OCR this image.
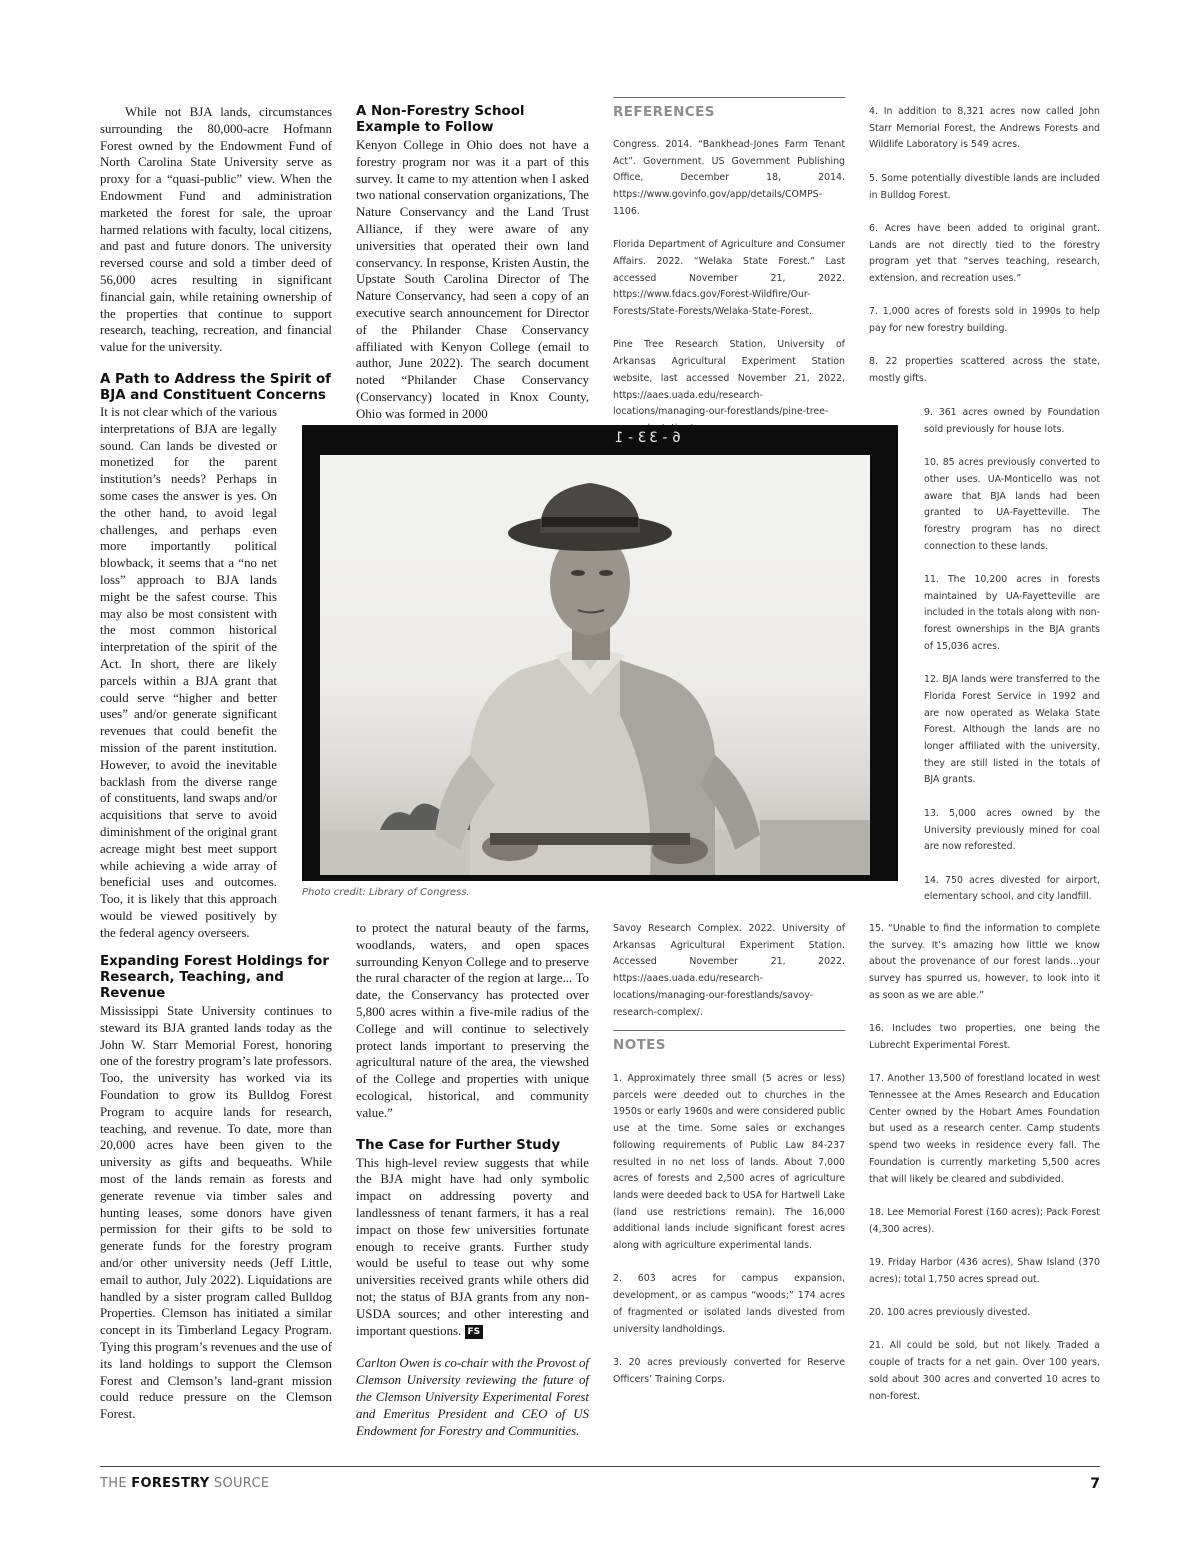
While not BJA lands, circumstances surrounding the 80,000-acre Hofmann Forest owned by the Endowment Fund of North Carolina State University serve as proxy for a “quasi-public” view. When the Endowment Fund and administration marketed the forest for sale, the uproar harmed relations with faculty, local citizens, and past and future donors. The university reversed course and sold a timber deed of 56,000 acres resulting in significant financial gain, while retaining ownership of the properties that continue to support research, teaching, recreation, and financial value for the university.

A Path to Address the Spirit of BJA and Constituent Concerns

It is not clear which of the various interpretations of BJA are legally sound. Can lands be divested or monetized for the parent institution’s needs? Perhaps in some cases the answer is yes. On the other hand, to avoid legal challenges, and perhaps even more importantly political blowback, it seems that a “no net loss” approach to BJA lands might be the safest course. This may also be most consistent with the most common historical interpretation of the spirit of the Act. In short, there are likely parcels within a BJA grant that could serve “higher and better uses” and/or generate significant revenues that could benefit the mission of the parent institution. However, to avoid the inevitable backlash from the diverse range of constituents, land swaps and/or acquisitions that serve to avoid diminishment of the original grant acreage might best meet support while achieving a wide array of beneficial uses and outcomes. Too, it is likely that this approach would be viewed positively by the federal agency overseers.

Expanding Forest Holdings for Research, Teaching, and Revenue

Mississippi State University continues to steward its BJA granted lands today as the John W. Starr Memorial Forest, honoring one of the forestry program’s late professors. Too, the university has worked via its Foundation to grow its Bulldog Forest Program to acquire lands for research, teaching, and revenue. To date, more than 20,000 acres have been given to the university as gifts and bequeaths. While most of the lands remain as forests and generate revenue via timber sales and hunting leases, some donors have given permission for their gifts to be sold to generate funds for the forestry program and/or other university needs (Jeff Little, email to author, July 2022). Liquidations are handled by a sister program called Bulldog Properties. Clemson has initiated a similar concept in its Timberland Legacy Program. Tying this program’s revenues and the use of its land holdings to support the Clemson Forest and Clemson’s land-grant mission could reduce pressure on the Clemson Forest.

A Non-Forestry School Example to Follow

Kenyon College in Ohio does not have a forestry program nor was it a part of this survey. It came to my attention when I asked two national conservation organizations, The Nature Conservancy and the Land Trust Alliance, if they were aware of any universities that operated their own land conservancy. In response, Kristen Austin, the Upstate South Carolina Director of The Nature Conservancy, had seen a copy of an executive search announcement for Director of the Philander Chase Conservancy affiliated with Kenyon College (email to author, June 2022). The search document noted “Philander Chase Conservancy (Conservancy) located in Knox County, Ohio was formed in 2000

to protect the natural beauty of the farms, woodlands, waters, and open spaces surrounding Kenyon College and to preserve the rural character of the region at large... To date, the Conservancy has protected over 5,800 acres within a five-mile radius of the College and will continue to selectively protect lands important to preserving the agricultural nature of the area, the viewshed of the College and properties with unique ecological, historical, and community value.”

The Case for Further Study

This high-level review suggests that while the BJA might have had only symbolic impact on addressing poverty and landlessness of tenant farmers, it has a real impact on those few universities fortunate enough to receive grants. Further study would be useful to tease out why some universities received grants while others did not; the status of BJA grants from any non-USDA sources; and other interesting and important questions. FS

Carlton Owen is co-chair with the Provost of Clemson University reviewing the future of the Clemson University Experimental Forest and Emeritus President and CEO of US Endowment for Forestry and Communities.

REFERENCES

Congress. 2014. “Bankhead-Jones Farm Tenant Act”. Government. US Government Publishing Office, December 18, 2014. https://www.govinfo.gov/app/details/COMPS-1106.

Florida Department of Agriculture and Consumer Affairs. 2022. “Welaka State Forest.” Last accessed November 21, 2022. https://www.fdacs.gov/Forest-Wildfire/Our-Forests/State-Forests/Welaka-State-Forest.

Pine Tree Research Station, University of Arkansas Agricultural Experiment Station website, last accessed November 21, 2022, https://aaes.uada.edu/research-locations/managing-our-forestlands/pine-tree-

Savoy Research Complex. 2022. University of Arkansas Agricultural Experiment Station. Accessed November 21, 2022. https://aaes.uada.edu/research-locations/managing-our-forestlands/savoy-research-complex/.

NOTES

1. Approximately three small (5 acres or less) parcels were deeded out to churches in the 1950s or early 1960s and were considered public use at the time. Some sales or exchanges following requirements of Public Law 84-237 resulted in no net loss of lands. About 7,000 acres of forests and 2,500 acres of agriculture lands were deeded back to USA for Hartwell Lake (land use restrictions remain). The 16,000 additional lands include significant forest acres along with agriculture experimental lands.

2. 603 acres for campus expansion, development, or as campus “woods;” 174 acres of fragmented or isolated lands divested from university landholdings.

3. 20 acres previously converted for Reserve Officers’ Training Corps.

4. In addition to 8,321 acres now called John Starr Memorial Forest, the Andrews Forests and Wildlife Laboratory is 549 acres.

5. Some potentially divestible lands are included in Bulldog Forest.

6. Acres have been added to original grant. Lands are not directly tied to the forestry program yet that “serves teaching, research, extension, and recreation uses.”

7. 1,000 acres of forests sold in 1990s to help pay for new forestry building.

8. 22 properties scattered across the state, mostly gifts.

9. 361 acres owned by Foundation sold previously for house lots.

10. 85 acres previously converted to other uses. UA-Monticello was not aware that BJA lands had been granted to UA-Fayetteville. The forestry program has no direct connection to these lands.

11. The 10,200 acres in forests maintained by UA-Fayetteville are included in the totals along with non-forest ownerships in the BJA grants of 15,036 acres.

12. BJA lands were transferred to the Florida Forest Service in 1992 and are now operated as Welaka State Forest. Although the lands are no longer affiliated with the university, they are still listed in the totals of BJA grants.

13. 5,000 acres owned by the University previously mined for coal are now reforested.

14. 750 acres divested for airport, elementary school, and city landfill.

15. “Unable to find the information to complete the survey. It’s amazing how little we know about the provenance of our forest lands...your survey has spurred us, however, to look into it as soon as we are able.”

16. Includes two properties, one being the Lubrecht Experimental Forest.

17. Another 13,500 of forestland located in west Tennessee at the Ames Research and Education Center owned by the Hobart Ames Foundation but used as a research center. Camp students spend two weeks in residence every fall. The Foundation is currently marketing 5,500 acres that will likely be cleared and subdivided.

18. Lee Memorial Forest (160 acres); Pack Forest (4,300 acres).

19. Friday Harbor (436 acres), Shaw Island (370 acres); total 1,750 acres spread out.

20. 100 acres previously divested.

21. All could be sold, but not likely. Traded a couple of tracts for a net gain. Over 100 years, sold about 300 acres and converted 10 acres to non-forest.

6-33-1
Photo credit: Library of Congress.
THE FORESTRY SOURCE	7
